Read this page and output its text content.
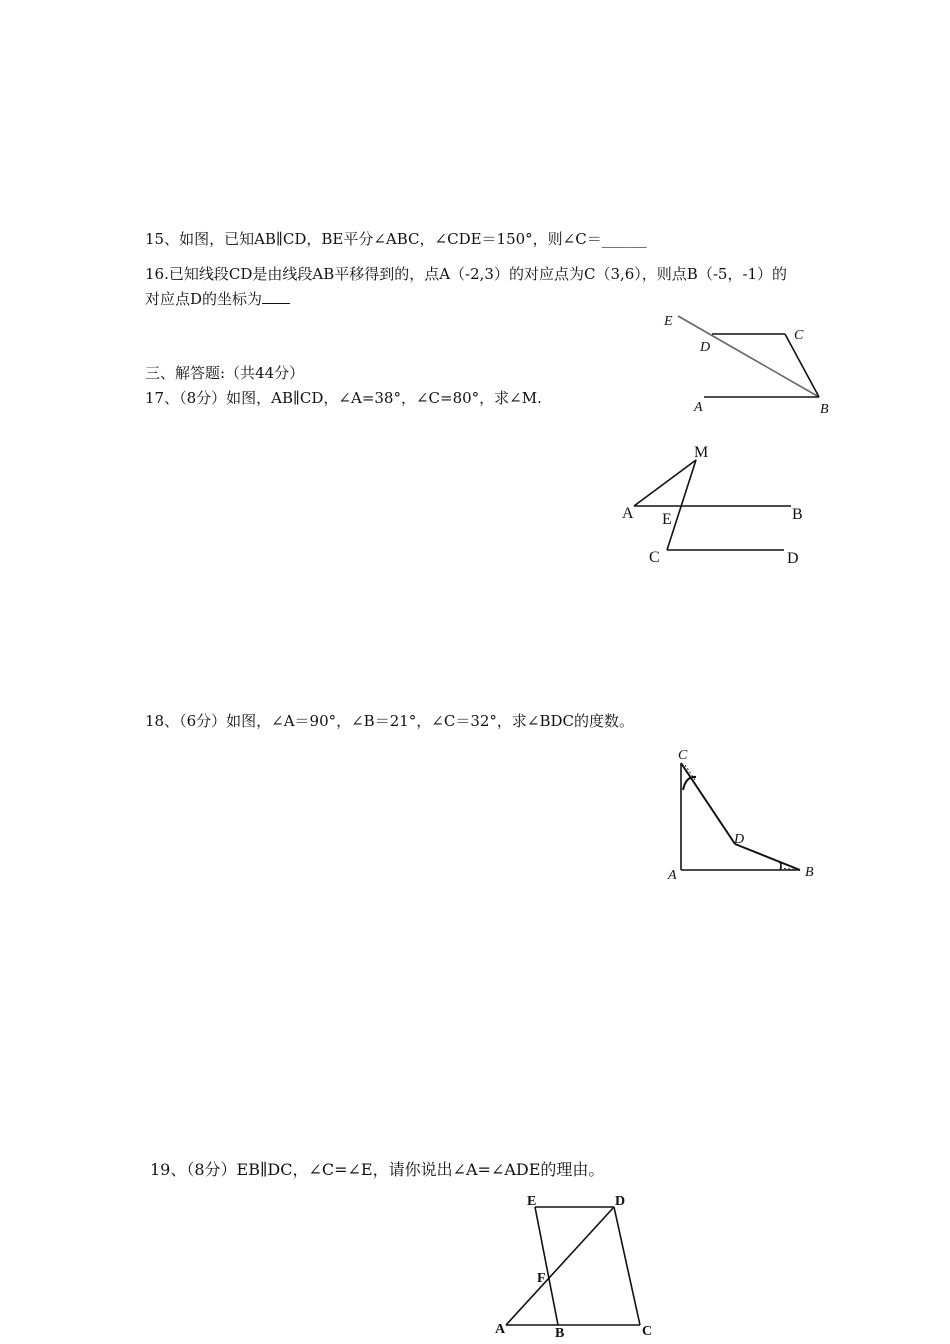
15、如图，已知AB∥CD，BE平分∠ABC，∠CDE＝150°，则∠C＝______
16.已知线段CD是由线段AB平移得到的，点A（-2,3）的对应点为C（3,6），则点B（-5，-1）的
对应点D的坐标为
三、解答题:（共44分）
17、（8分）如图，AB∥CD，∠A=38°，∠C=80°，求∠M.
18、（6分）如图，∠A＝90°，∠B＝21°，∠C＝32°，求∠BDC的度数。
19、（8分）EB∥DC，∠C=∠E，请你说出∠A=∠ADE的理由。
E
D
C
A	B
M
A E	B
C	D
C
D
A	B
E	D
F
A	B	C
